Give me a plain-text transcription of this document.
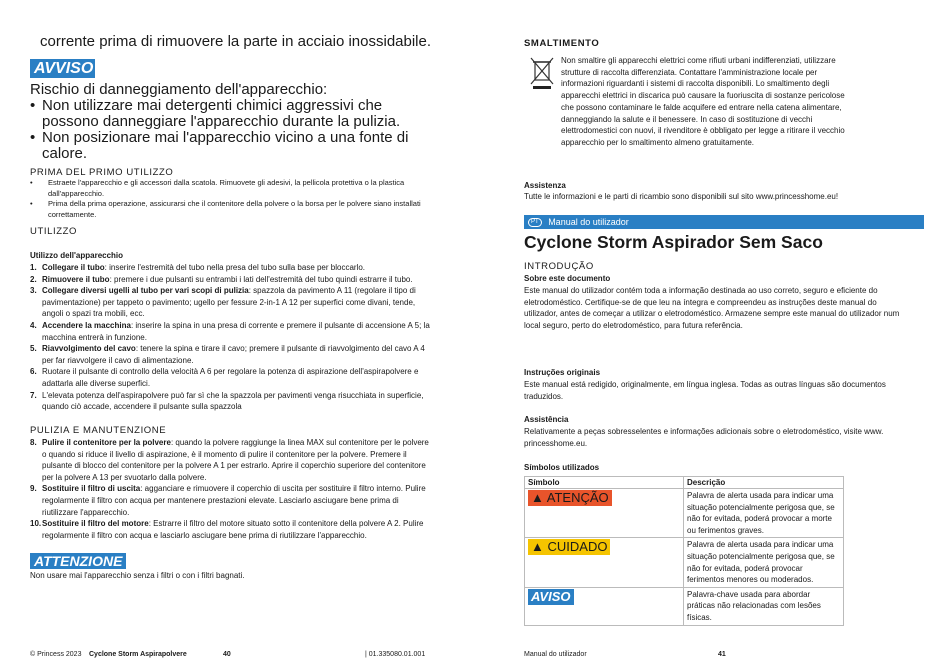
corrente prima di rimuovere la parte in acciaio inossidabile.
AVVISO
Rischio di danneggiamento dell'apparecchio:
• Non utilizzare mai detergenti chimici aggressivi che possono danneggiare l'apparecchio durante la pulizia.
• Non posizionare mai l'apparecchio vicino a una fonte di calore.
PRIMA DEL PRIMO UTILIZZO
•	Estraete l'apparecchio e gli accessori dalla scatola. Rimuovete gli adesivi, la pellicola protettiva o la plastica dall'apparecchio.
•	Prima della prima operazione, assicurarsi che il contenitore della polvere o la borsa per le polvere siano installati correttamente.
UTILIZZO
Utilizzo dell'apparecchio
1. Collegare il tubo: inserire l'estremità del tubo nella presa del tubo sulla base per bloccarlo.
2. Rimuovere il tubo: premere i due pulsanti su entrambi i lati dell'estremità del tubo quindi estrarre il tubo.
3. Collegare diversi ugelli al tubo per vari scopi di pulizia: spazzola da pavimento A 11 (regolare il tipo di pavimentazione) per tappeto o pavimento; ugello per fessure 2-in-1 A 12 per superfici come divani, tende, angoli o spazi tra mobili, ecc.
4. Accendere la macchina: inserire la spina in una presa di corrente e premere il pulsante di accensione A 5; la macchina entrerà in funzione.
5. Riavvolgimento del cavo: tenere la spina e tirare il cavo; premere il pulsante di riavvolgimento del cavo A 4 per far riavvolgere il cavo di alimentazione.
6. Ruotare il pulsante di controllo della velocità A 6 per regolare la potenza di aspirazione dell'aspirapolvere e adattarla alle diverse superfici.
7. L'elevata potenza dell'aspirapolvere può far sì che la spazzola per pavimenti venga risucchiata in superficie, quando ciò accade, accendere il pulsante sulla spazzola
PULIZIA E MANUTENZIONE
8. Pulire il contenitore per la polvere: quando la polvere raggiunge la linea MAX sul contenitore per le polvere o quando si riduce il livello di aspirazione, è il momento di pulire il contenitore per la polvere. Premere il pulsante di blocco del contenitore per la polvere A 1 per estrarlo. Aprire il coperchio superiore del contenitore per la polvere A 13 per svuotarlo dalla polvere.
9. Sostituire il filtro di uscita: agganciare e rimuovere il coperchio di uscita per sostituire il filtro interno. Pulire regolarmente il filtro con acqua per mantenere prestazioni elevate. Lasciarlo asciugare bene prima di riutilizzare l'apparecchio.
10. Sostituire il filtro del motore: Estrarre il filtro del motore situato sotto il contenitore della polvere A 2. Pulire regolarmente il filtro con acqua e lasciarlo asciugare bene prima di riutilizzare l'apparecchio.
ATTENZIONE
Non usare mai l'apparecchio senza i filtri o con i filtri bagnati.
SMALTIMENTO
Non smaltire gli apparecchi elettrici come rifiuti urbani indifferenziati, utilizzare strutture di raccolta differenziata. Contattare l'amministrazione locale per informazioni riguardanti i sistemi di raccolta disponibili. Lo smaltimento degli apparecchi elettrici in discarica può causare la fuoriuscita di sostanze pericolose che possono contaminare le falde acquifere ed entrare nella catena alimentare, danneggiando la salute e il benessere. In caso di sostituzione di vecchi elettrodomestici con nuovi, il rivenditore è obbligato per legge a ritirare il vecchio apparecchio per lo smaltimento almeno gratuitamente.
Assistenza
Tutte le informazioni e le parti di ricambio sono disponibili sul sito www.princesshome.eu!
PT Manual do utilizador
Cyclone Storm Aspirador Sem Saco
INTRODUÇÃO
Sobre este documento
Este manual do utilizador contém toda a informação destinada ao uso correto, seguro e eficiente do eletrodoméstico. Certifique-se de que leu na íntegra e compreendeu as instruções deste manual do utilizador, antes de começar a utilizar o eletrodoméstico. Armazene sempre este manual do utilizador num local seguro, perto do eletrodoméstico, para futura referência.
Instruções originais
Este manual está redigido, originalmente, em língua inglesa. Todas as outras línguas são documentos traduzidos.
Assistência
Relativamente a peças sobresselentes e informações adicionais sobre o eletrodoméstico, visite www. princesshome.eu.
Símbolos utilizados
Símbolo	Descrição
▲ ATENÇÃO	Palavra de alerta usada para indicar uma situação potencialmente perigosa que, se não for evitada, poderá provocar a morte ou ferimentos graves.
▲ CUIDADO	Palavra de alerta usada para indicar uma situação potencialmente perigosa que, se não for evitada, poderá provocar ferimentos menores ou moderados.
AVISO	Palavra-chave usada para abordar práticas não relacionadas com lesões físicas.
© Princess 2023 Cyclone Storm Aspirapolvere	40	| 01.335080.01.001	Manual do utilizador	41
